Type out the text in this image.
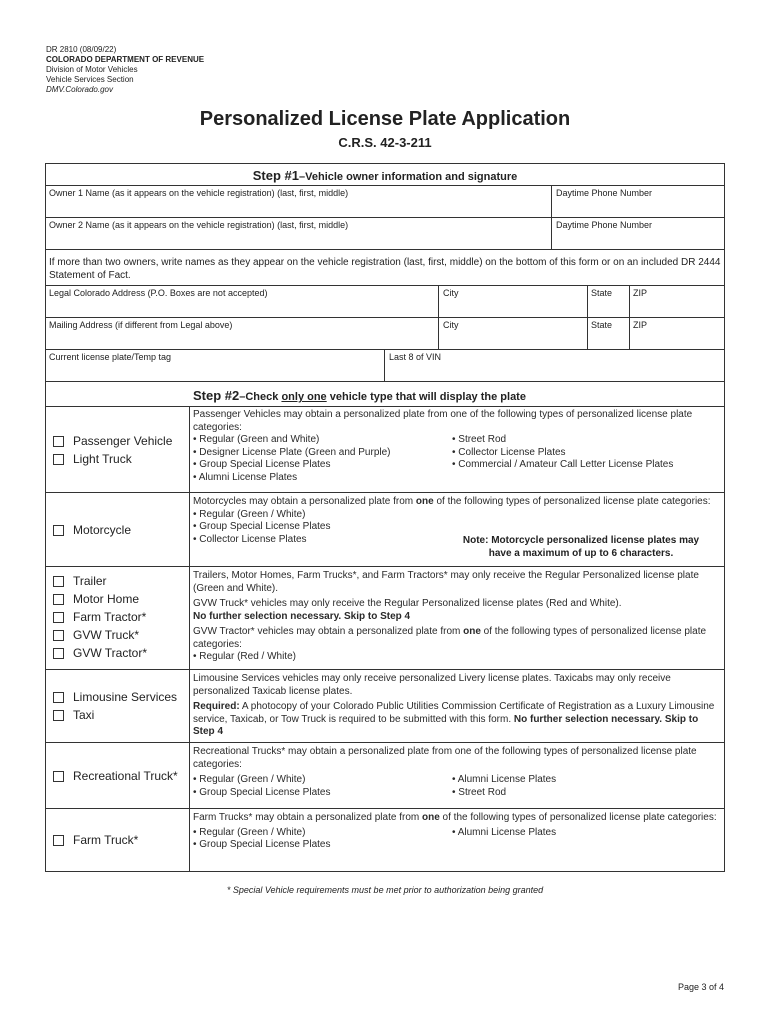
DR 2810 (08/09/22)
COLORADO DEPARTMENT OF REVENUE
Division of Motor Vehicles
Vehicle Services Section
DMV.Colorado.gov
Personalized License Plate Application
C.R.S. 42-3-211
Step #1–Vehicle owner information and signature
Owner 1 Name (as it appears on the vehicle registration) (last, first, middle)	Daytime Phone Number
Owner 2 Name (as it appears on the vehicle registration) (last, first, middle)	Daytime Phone Number
If more than two owners, write names as they appear on the vehicle registration (last, first, middle) on the bottom of this form or on an included DR 2444 Statement of Fact.
Legal Colorado Address (P.O. Boxes are not accepted)	City	State ZIP
Mailing Address (if different from Legal above)	City	State ZIP
Current license plate/Temp tag	Last 8 of VIN
Step #2–Check only one vehicle type that will display the plate
Passenger Vehicle
Light Truck

Passenger Vehicles may obtain a personalized plate from one of the following types of personalized license plate categories:

• Regular (Green and White)
• Designer License Plate (Green and Purple)
• Group Special License Plates
• Alumni License Plates
• Street Rod
• Collector License Plates
• Commercial / Amateur Call Letter License Plates
Motorcycle

Motorcycles may obtain a personalized plate from one of the following types of personalized license plate categories:

• Regular (Green / White)
• Group Special License Plates
• Collector License Plates	Note: Motorcycle personalized license plates may
have a maximum of up to 6 characters.
Trailer
Motor Home
Farm Tractor*
GVW Truck*
GVW Tractor*

Trailers, Motor Homes, Farm Trucks*, and Farm Tractors* may only receive the Regular Personalized license plate (Green and White).

GVW Truck* vehicles may only receive the Regular Personalized license plates (Red and White).

No further selection necessary. Skip to Step 4

GVW Tractor* vehicles may obtain a personalized plate from one of the following types of personalized license plate categories:

• Regular (Red / White)
Limousine Services
Taxi

Limousine Services vehicles may only receive personalized Livery license plates. Taxicabs may only receive personalized Taxicab license plates.

Required: A photocopy of your Colorado Public Utilities Commission Certificate of Registration as a Luxury Limousine service, Taxicab, or Tow Truck is required to be submitted with this form. No further selection necessary. Skip to Step 4

Recreational Truck*

Recreational Trucks* may obtain a personalized plate from one of the following types of personalized license plate categories:

• Regular (Green / White)
• Group Special License Plates
• Alumni License Plates
• Street Rod
Farm Truck*

Farm Trucks* may obtain a personalized plate from one of the following types of personalized license plate categories:

• Regular (Green / White)
• Group Special License Plates
• Alumni License Plates
* Special Vehicle requirements must be met prior to authorization being granted
Page 3 of 4
